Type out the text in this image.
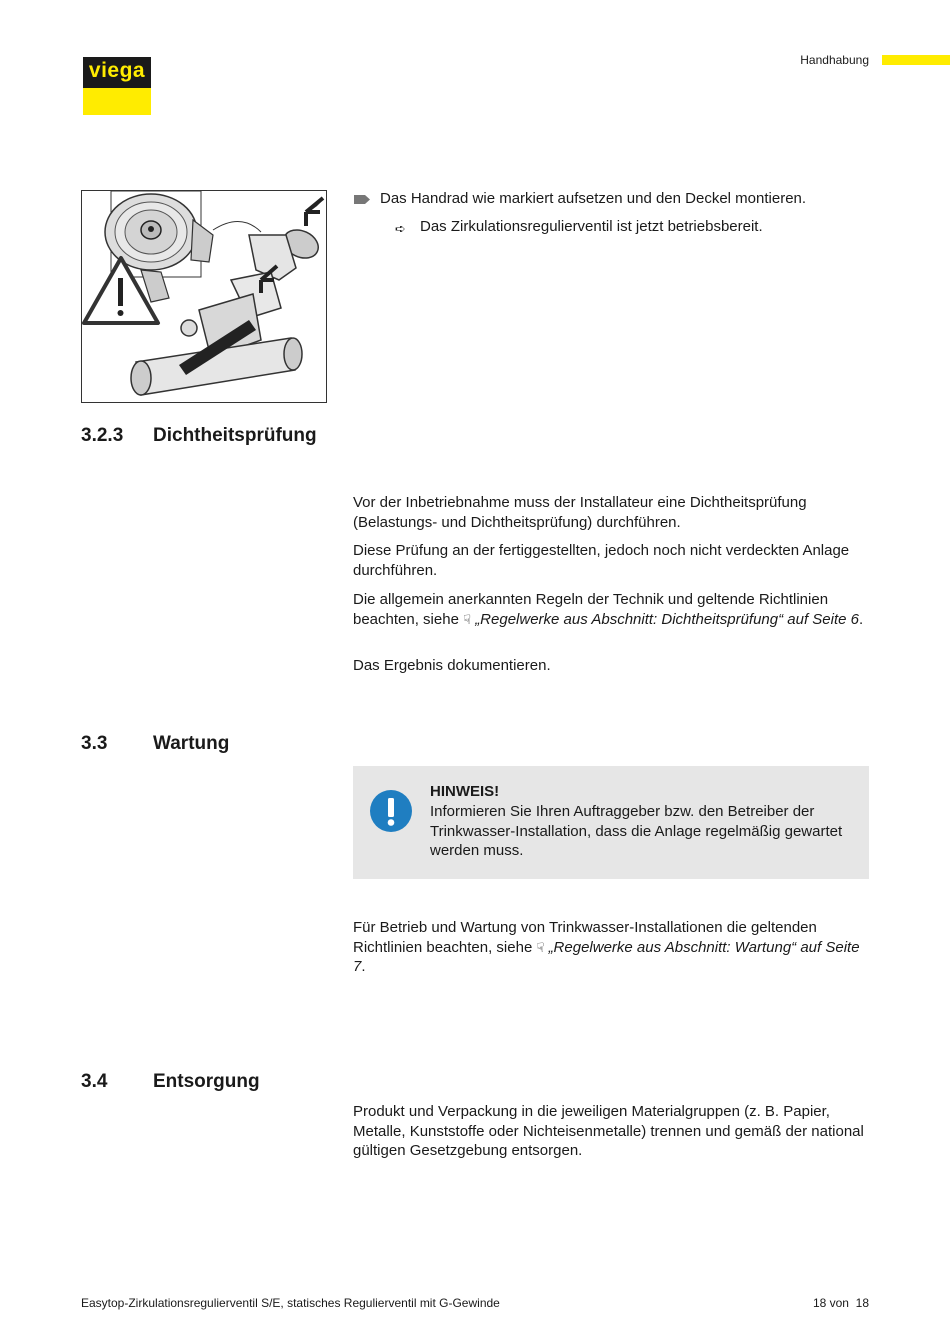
viega	Handhabung
Das Handrad wie markiert aufsetzen und den Deckel montieren.
➪ Das Zirkulationsregulierventil ist jetzt betriebsbereit.
3.2.3 Dichtheitsprüfung

Vor der Inbetriebnahme muss der Installateur eine Dichtheitsprüfung (Belastungs- und Dichtheitsprüfung) durchführen.

Diese Prüfung an der fertiggestellten, jedoch noch nicht verdeckten Anlage durchführen.

Die allgemein anerkannten Regeln der Technik und geltende Richtlinien beachten, siehe ☟ „Regelwerke aus Abschnitt: Dichtheitsprüfung“ auf Seite 6.

Das Ergebnis dokumentieren.

3.3 Wartung
HINWEIS!
Informieren Sie Ihren Auftraggeber bzw. den Betreiber der Trinkwasser-Installation, dass die Anlage regelmäßig gewartet werden muss.

Für Betrieb und Wartung von Trinkwasser-Installationen die geltenden Richtlinien beachten, siehe ☟ „Regelwerke aus Abschnitt: Wartung“ auf Seite 7.

3.4 Entsorgung

Produkt und Verpackung in die jeweiligen Materialgruppen (z. B. Papier, Metalle, Kunststoffe oder Nichteisenmetalle) trennen und gemäß der national gültigen Gesetzgebung entsorgen.

Easytop-Zirkulationsregulierventil S/E, statisches Regulierventil mit G-Gewinde	18 von  18
